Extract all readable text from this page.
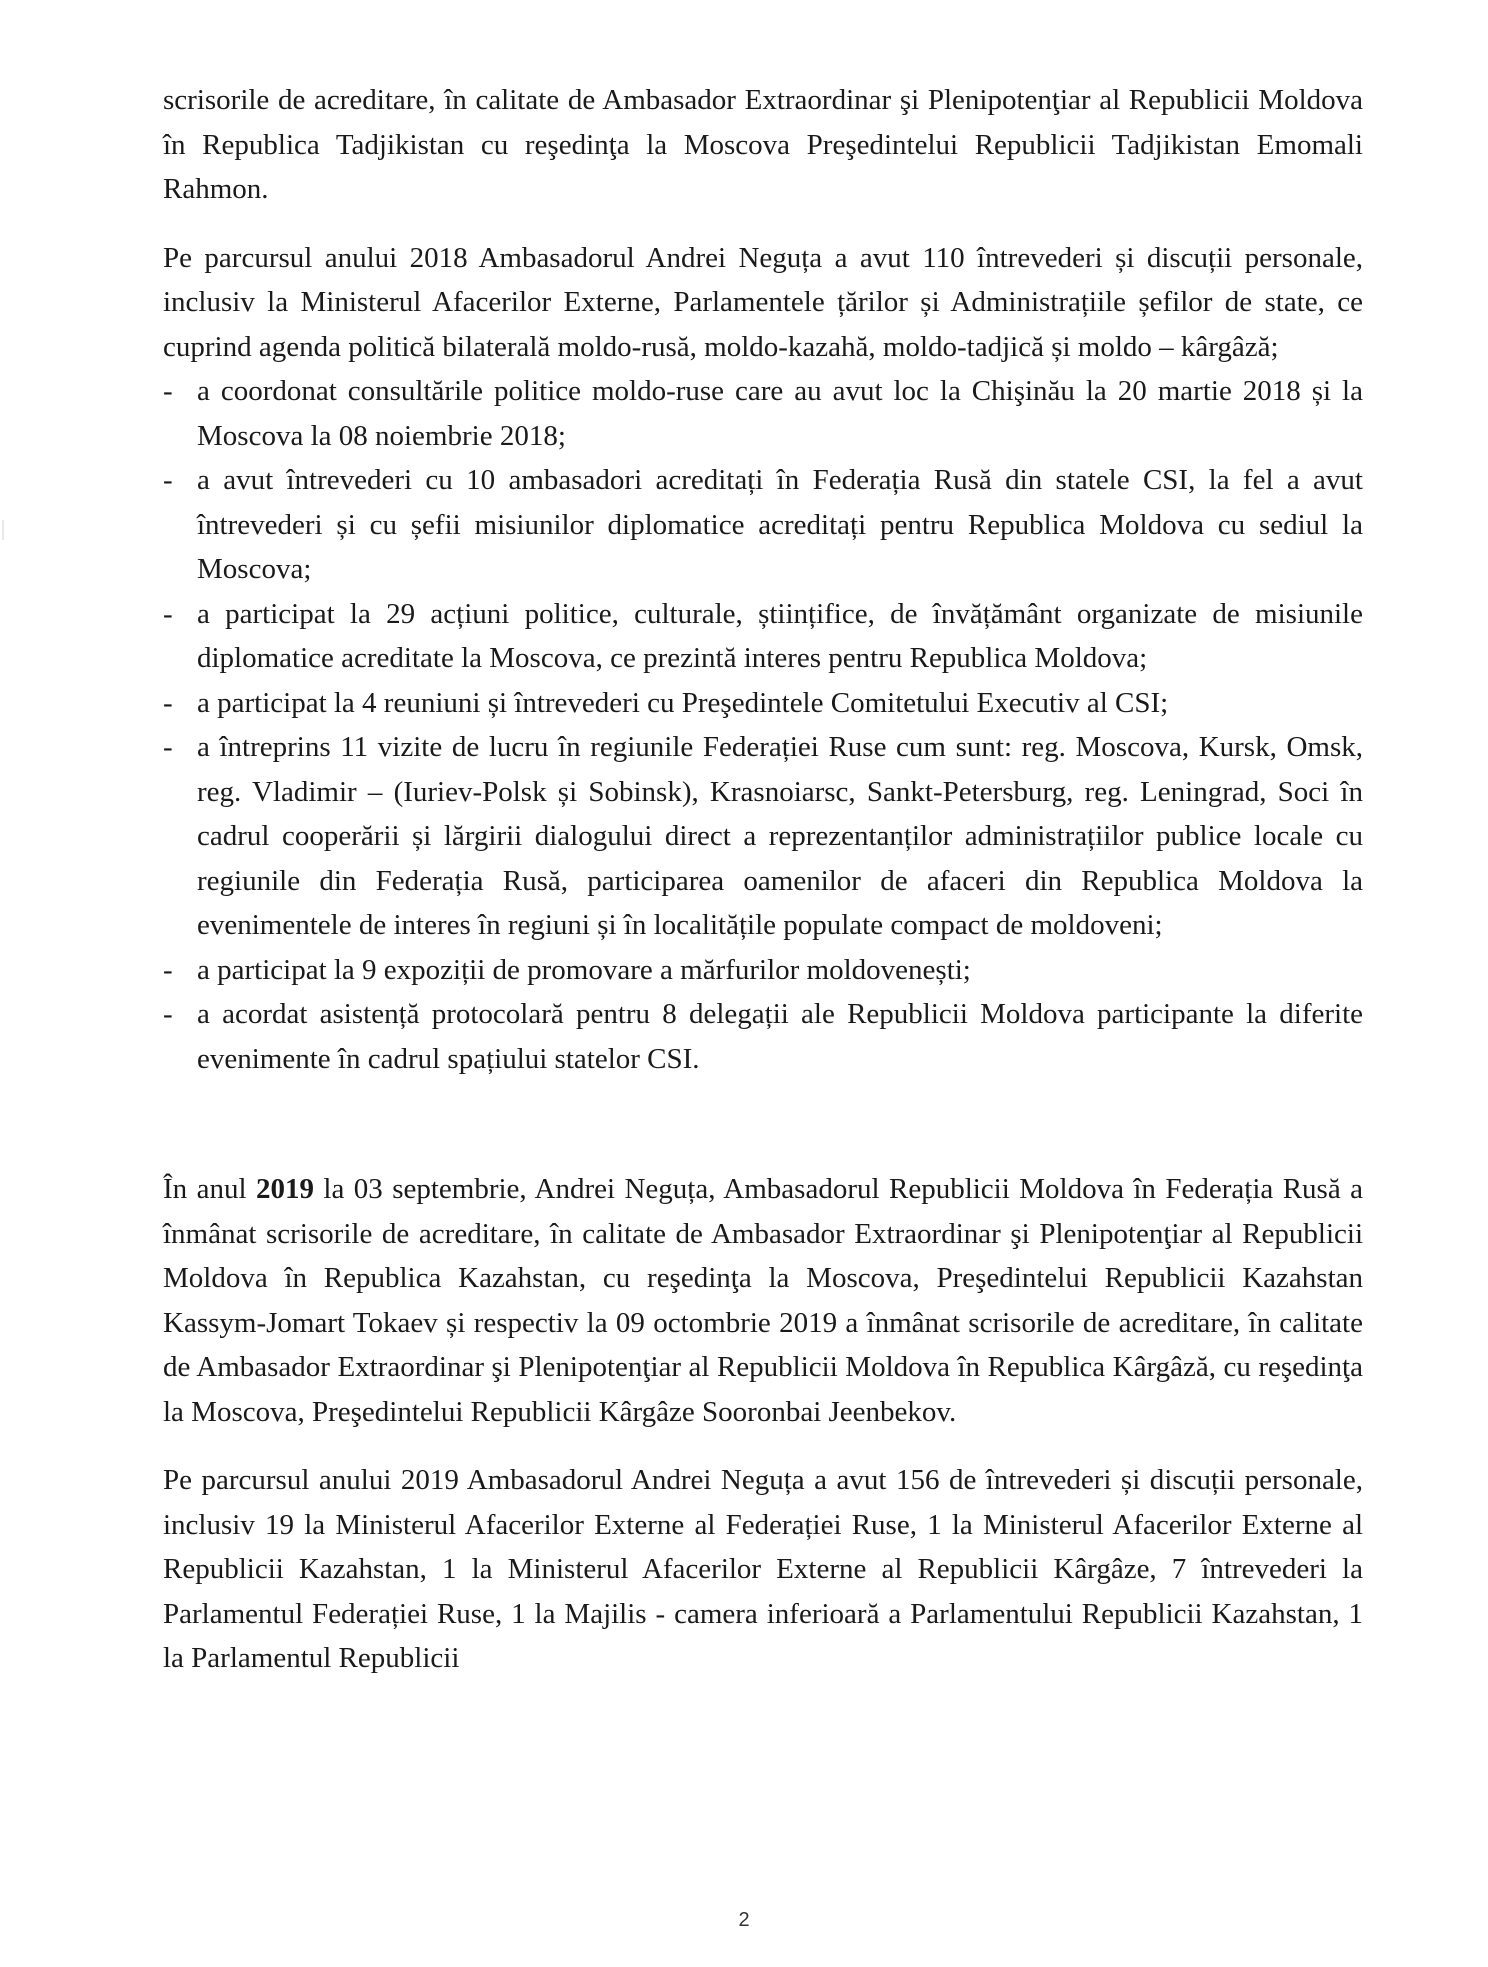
scrisorile de acreditare, în calitate de Ambasador Extraordinar şi Plenipotenţiar al Republicii Moldova în Republica Tadjikistan cu reşedinţa la Moscova Preşedintelui Republicii Tadjikistan Emomali Rahmon.

Pe parcursul anului 2018 Ambasadorul Andrei Neguța a avut 110 întrevederi și discuții personale, inclusiv la Ministerul Afacerilor Externe, Parlamentele țărilor și Administrațiile șefilor de state, ce cuprind agenda politică bilaterală moldo-rusă, moldo-kazahă, moldo-tadjică și moldo – kârgâză;

- a coordonat consultările politice moldo-ruse care au avut loc la Chişinău la 20 martie 2018 și la Moscova la 08 noiembrie 2018;
- a avut întrevederi cu 10 ambasadori acreditați în Federația Rusă din statele CSI, la fel a avut întrevederi și cu șefii misiunilor diplomatice acreditați pentru Republica Moldova cu sediul la Moscova;
- a participat la 29 acțiuni politice, culturale, științifice, de învățământ organizate de misiunile diplomatice acreditate la Moscova, ce prezintă interes pentru Republica Moldova;
- a participat la 4 reuniuni și întrevederi cu Preşedintele Comitetului Executiv al CSI;
- a întreprins 11 vizite de lucru în regiunile Federației Ruse cum sunt: reg. Moscova, Kursk, Omsk, reg. Vladimir – (Iuriev-Polsk și Sobinsk), Krasnoiarsc, Sankt-Petersburg, reg. Leningrad, Soci în cadrul cooperării și lărgirii dialogului direct a reprezentanților administrațiilor publice locale cu regiunile din Federația Rusă, participarea oamenilor de afaceri din Republica Moldova la evenimentele de interes în regiuni și în localitățile populate compact de moldoveni;
- a participat la 9 expoziții de promovare a mărfurilor moldovenești;
- a acordat asistență protocolară pentru 8 delegații ale Republicii Moldova participante la diferite evenimente în cadrul spațiului statelor CSI.

În anul 2019 la 03 septembrie, Andrei Neguța, Ambasadorul Republicii Moldova în Federația Rusă a înmânat scrisorile de acreditare, în calitate de Ambasador Extraordinar şi Plenipotenţiar al Republicii Moldova în Republica Kazahstan, cu reşedinţa la Moscova, Preşedintelui Republicii Kazahstan Kassym-Jomart Tokaev și respectiv la 09 octombrie 2019 a înmânat scrisorile de acreditare, în calitate de Ambasador Extraordinar şi Plenipotenţiar al Republicii Moldova în Republica Kârgâză, cu reşedinţa la Moscova, Preşedintelui Republicii Kârgâze Sooronbai Jeenbekov.

Pe parcursul anului 2019 Ambasadorul Andrei Neguța a avut 156 de întrevederi și discuții personale, inclusiv 19 la Ministerul Afacerilor Externe al Federației Ruse, 1 la Ministerul Afacerilor Externe al Republicii Kazahstan, 1 la Ministerul Afacerilor Externe al Republicii Kârgâze, 7 întrevederi la Parlamentul Federației Ruse, 1 la Majilis - camera inferioară a Parlamentului Republicii Kazahstan, 1 la Parlamentul Republicii

2
